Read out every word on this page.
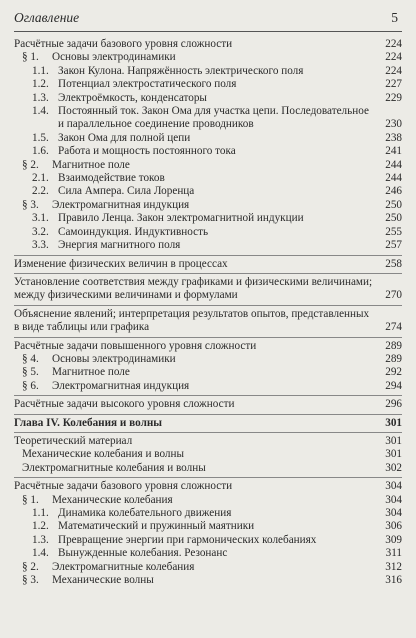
Оглавление	5
Расчётные задачи базового уровня сложности	224
§ 1.	Основы электродинамики	224
1.1. Закон Кулона. Напряжённость электрического поля	224
1.2. Потенциал электростатического поля	227
1.3. Электроёмкость, конденсаторы	229
1.4. Постоянный ток. Закон Ома для участка цепи. Последовательное и параллельное соединение проводников	230
1.5. Закон Ома для полной цепи	238
1.6. Работа и мощность постоянного тока	241
§ 2.	Магнитное поле	244
2.1. Взаимодействие токов	244
2.2. Сила Ампера. Сила Лоренца	246
§ 3.	Электромагнитная индукция	250
3.1. Правило Ленца. Закон электромагнитной индукции	250
3.2. Самоиндукция. Индуктивность	255
3.3. Энергия магнитного поля	257
Изменение физических величин в процессах	258
Установление соответствия между графиками и физическими величинами; между физическими величинами и формулами	270
Объяснение явлений; интерпретация результатов опытов, представленных в виде таблицы или графика	274
Расчётные задачи повышенного уровня сложности	289
§ 4.	Основы электродинамики	289
§ 5.	Магнитное поле	292
§ 6.	Электромагнитная индукция	294
Расчётные задачи высокого уровня сложности	296
Глава IV. Колебания и волны	301
Теоретический материал	301
Механические колебания и волны	301
Электромагнитные колебания и волны	302
Расчётные задачи базового уровня сложности	304
§ 1.	Механические колебания	304
1.1. Динамика колебательного движения	304
1.2. Математический и пружинный маятники	306
1.3. Превращение энергии при гармонических колебаниях	309
1.4. Вынужденные колебания. Резонанс	311
§ 2.	Электромагнитные колебания	312
§ 3.	Механические волны	316
